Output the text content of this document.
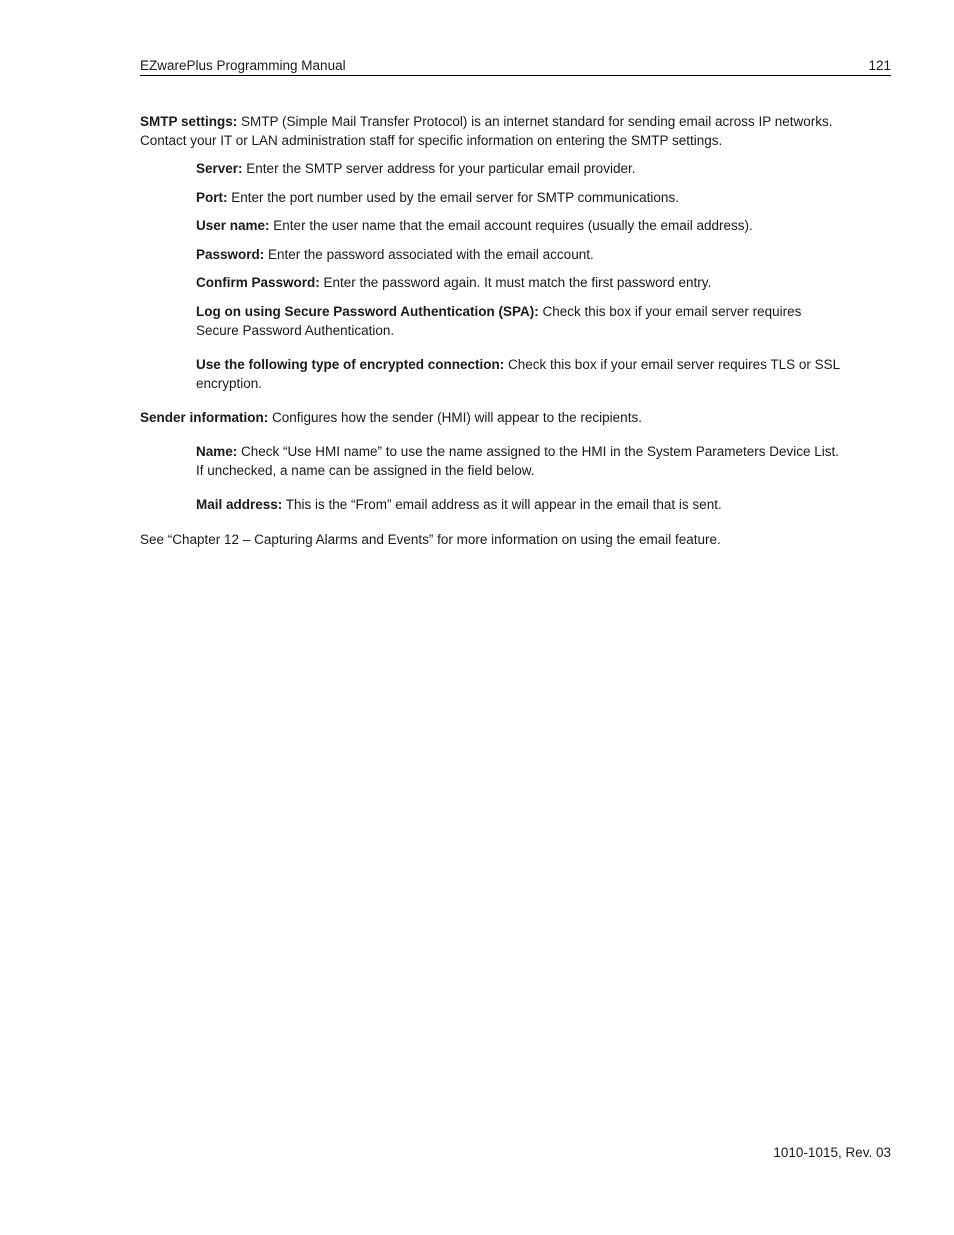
EZwarePlus Programming Manual	121

SMTP settings: SMTP (Simple Mail Transfer Protocol) is an internet standard for sending email across IP networks. Contact your IT or LAN administration staff for specific information on entering the SMTP settings.

Server: Enter the SMTP server address for your particular email provider.

Port: Enter the port number used by the email server for SMTP communications.

User name: Enter the user name that the email account requires (usually the email address).

Password: Enter the password associated with the email account.

Confirm Password: Enter the password again. It must match the first password entry.

Log on using Secure Password Authentication (SPA): Check this box if your email server requires Secure Password Authentication.

Use the following type of encrypted connection: Check this box if your email server requires TLS or SSL encryption.

Sender information: Configures how the sender (HMI) will appear to the recipients.

Name: Check “Use HMI name” to use the name assigned to the HMI in the System Parameters Device List. If unchecked, a name can be assigned in the field below.

Mail address: This is the “From” email address as it will appear in the email that is sent.

See “Chapter 12 – Capturing Alarms and Events” for more information on using the email feature.

1010-1015, Rev. 03
